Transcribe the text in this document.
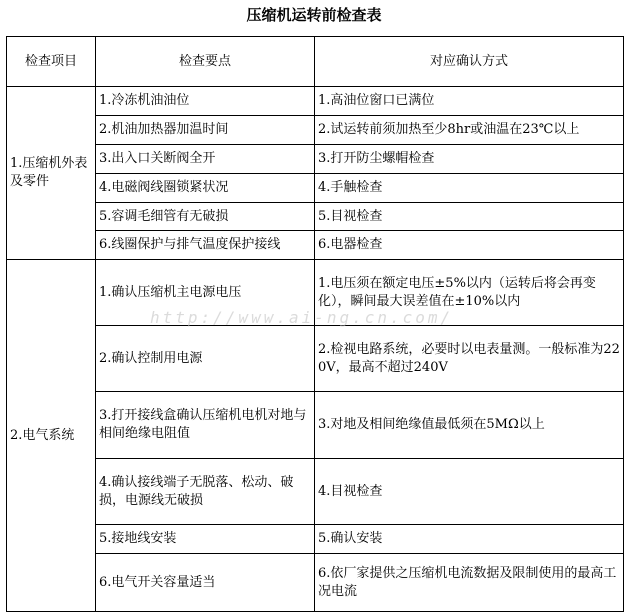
压缩机运转前检查表
检查项目	检查要点	对应确认方式
1.压缩机外表及零件	1.冷冻机油油位	1.高油位窗口已满位
	2.机油加热器加温时间	2.试运转前须加热至少8hr或油温在23℃以上
	3.出入口关断阀全开	3.打开防尘螺帽检查
	4.电磁阀线圈锁紧状况	4.手触检查
	5.容调毛细管有无破损	5.目视检查
	6.线圈保护与排气温度保护接线	6.电器检查
2.电气系统	1.确认压缩机主电源电压	1.电压须在额定电压±5%以内（运转后将会再变化），瞬间最大误差值在±10%以内
	2.确认控制用电源	2.检视电路系统，必要时以电表量测。一般标准为220V，最高不超过240V
	3.打开接线盒确认压缩机电机对地与相间绝缘电阻值	3.对地及相间绝缘值最低须在5MΩ以上
	4.确认接线端子无脱落、松动、破损，电源线无破损	4.目视检查
	5.接地线安装	5.确认安装
	6.电气开关容量适当	6.依厂家提供之压缩机电流数据及限制使用的最高工况电流
http://www.ai-ng.cn.com/
